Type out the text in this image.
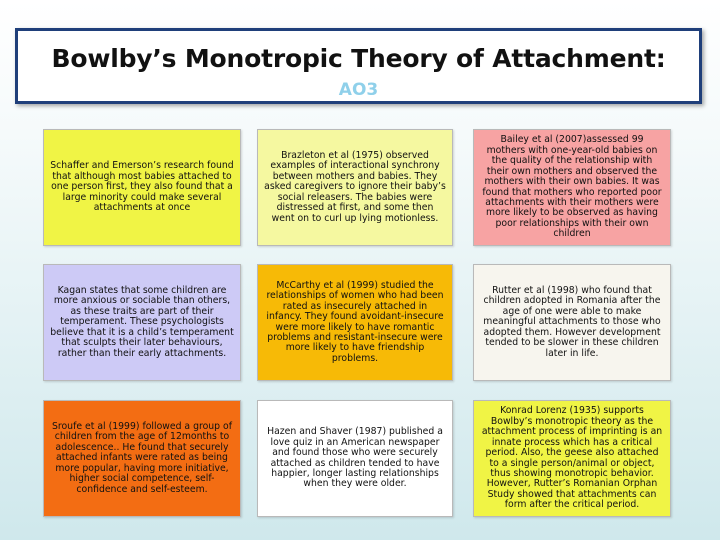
Bowlby’s Monotropic Theory of Attachment:
AO3
Schaffer and Emerson’s research found that although most babies attached to one person first, they also found that a large minority could make several attachments at once
Brazleton et al (1975) observed examples of interactional synchrony between mothers and babies. They asked caregivers to ignore their baby’s social releasers. The babies were distressed at first, and some then went on to curl up lying motionless.
Bailey et al (2007)assessed 99 mothers with one-year-old babies on the quality of the relationship with their own mothers and observed the mothers with their own babies. It was found that mothers who reported poor attachments with their mothers were more likely to be observed as having poor relationships with their own children
Kagan states that some children are more anxious or sociable than others, as these traits are part of their temperament. These psychologists believe that it is a child’s temperament that sculpts their later behaviours, rather than their early attachments.
McCarthy et al (1999) studied the relationships of women who had been rated as insecurely attached in infancy. They found avoidant-insecure were more likely to have romantic problems and resistant-insecure were more likely to have friendship problems.
Rutter et al (1998) who found that children adopted in Romania after the age of one were able to make meaningful attachments to those who adopted them. However development tended to be slower in these children later in life.
Sroufe et al (1999) followed a group of children from the age of 12months to adolescence.. He found that securely attached infants were rated as being more popular, having more initiative, higher social competence, self-confidence and self-esteem.
Hazen and Shaver (1987) published a love quiz in an American newspaper and found those who were securely attached as children tended to have happier, longer lasting relationships when they were older.
Konrad Lorenz (1935) supports Bowlby’s monotropic theory as the attachment process of imprinting is an innate process which has a critical period. Also, the geese also attached to a single person/animal or object, thus showing monotropic behavior. However, Rutter’s Romanian Orphan Study showed that attachments can form after the critical period.
